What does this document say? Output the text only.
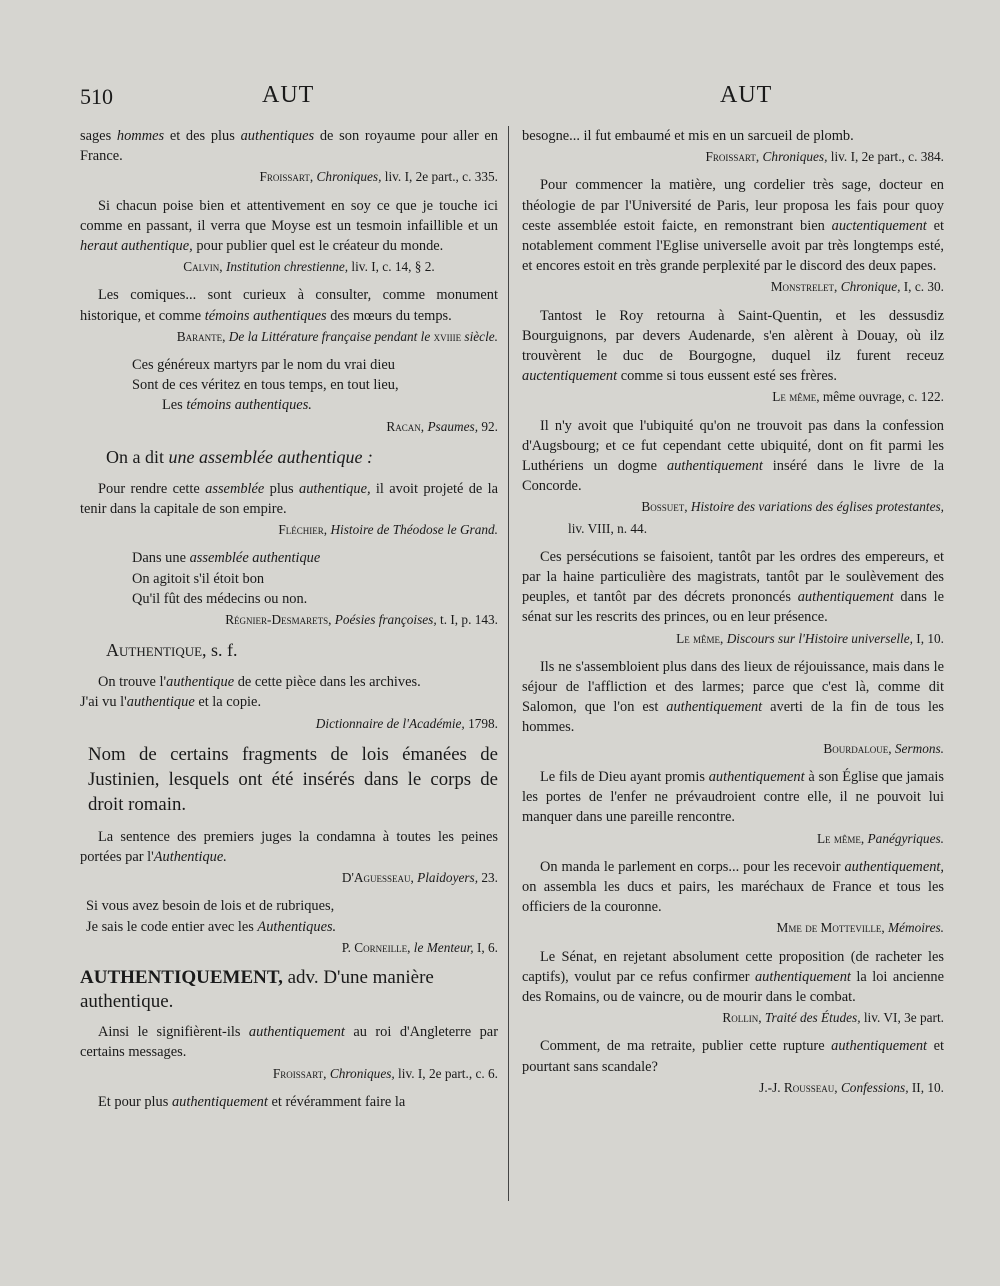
510	AUT	AUT

sages hommes et des plus authentiques de son royaume pour aller en France.

Froissart, Chroniques, liv. I, 2e part., c. 335.

Si chacun poise bien et attentivement en soy ce que je touche ici comme en passant, il verra que Moyse est un tesmoin infaillible et un heraut authentique, pour publier quel est le créateur du monde.

Calvin, Institution chrestienne, liv. I, c. 14, § 2.

Les comiques... sont curieux à consulter, comme monument historique, et comme témoins authentiques des mœurs du temps.

Barante, De la Littérature française pendant le xviiie siècle.

Ces généreux martyrs par le nom du vrai dieu

Sont de ces véritez en tous temps, en tout lieu,

Les témoins authentiques.

Racan, Psaumes, 92.

On a dit une assemblée authentique :

Pour rendre cette assemblée plus authentique, il avoit projeté de la tenir dans la capitale de son empire.

Fléchier, Histoire de Théodose le Grand.

Dans une assemblée authentique

On agitoit s'il étoit bon

Qu'il fût des médecins ou non.

Régnier-Desmarets, Poésies françoises, t. I, p. 143.

Authentique, s. f.

On trouve l'authentique de cette pièce dans les archives.

J'ai vu l'authentique et la copie.

Dictionnaire de l'Académie, 1798.

Nom de certains fragments de lois émanées de Justinien, lesquels ont été insérés dans le corps de droit romain.

La sentence des premiers juges la condamna à toutes les peines portées par l'Authentique.

D'Aguesseau, Plaidoyers, 23.

Si vous avez besoin de lois et de rubriques,

Je sais le code entier avec les Authentiques.

P. Corneille, le Menteur, I, 6.

AUTHENTIQUEMENT, adv. D'une manière authentique.

Ainsi le signifièrent-ils authentiquement au roi d'Angleterre par certains messages.

Froissart, Chroniques, liv. I, 2e part., c. 6.

Et pour plus authentiquement et révéramment faire la

besogne... il fut embaumé et mis en un sarcueil de plomb.

Froissart, Chroniques, liv. I, 2e part., c. 384.

Pour commencer la matière, ung cordelier très sage, docteur en théologie de par l'Université de Paris, leur proposa les fais pour quoy ceste assemblée estoit faicte, en remonstrant bien auctentiquement et notablement comment l'Eglise universelle avoit par très longtemps esté, et encores estoit en très grande perplexité par le discord des deux papes.

Monstrelet, Chronique, I, c. 30.

Tantost le Roy retourna à Saint-Quentin, et les dessusdiz Bourguignons, par devers Audenarde, s'en alèrent à Douay, où ilz trouvèrent le duc de Bourgogne, duquel ilz furent receuz auctentiquement comme si tous eussent esté ses frères.

Le même, même ouvrage, c. 122.

Il n'y avoit que l'ubiquité qu'on ne trouvoit pas dans la confession d'Augsbourg; et ce fut cependant cette ubiquité, dont on fit parmi les Luthériens un dogme authentiquement inséré dans le livre de la Concorde.

Bossuet, Histoire des variations des églises protestantes,

liv. VIII, n. 44.

Ces persécutions se faisoient, tantôt par les ordres des empereurs, et par la haine particulière des magistrats, tantôt par le soulèvement des peuples, et tantôt par des décrets prononcés authentiquement dans le sénat sur les rescrits des princes, ou en leur présence.

Le même, Discours sur l'Histoire universelle, I, 10.

Ils ne s'assembloient plus dans des lieux de réjouissance, mais dans le séjour de l'affliction et des larmes; parce que c'est là, comme dit Salomon, que l'on est authentiquement averti de la fin de tous les hommes.

Bourdaloue, Sermons.

Le fils de Dieu ayant promis authentiquement à son Église que jamais les portes de l'enfer ne prévaudroient contre elle, il ne pouvoit lui manquer dans une pareille rencontre.

Le même, Panégyriques.

On manda le parlement en corps... pour les recevoir authentiquement, on assembla les ducs et pairs, les maréchaux de France et tous les officiers de la couronne.

Mme de Motteville, Mémoires.

Le Sénat, en rejetant absolument cette proposition (de racheter les captifs), voulut par ce refus confirmer authentiquement la loi ancienne des Romains, ou de vaincre, ou de mourir dans le combat.

Rollin, Traité des Études, liv. VI, 3e part.

Comment, de ma retraite, publier cette rupture authentiquement et pourtant sans scandale?

J.-J. Rousseau, Confessions, II, 10.
